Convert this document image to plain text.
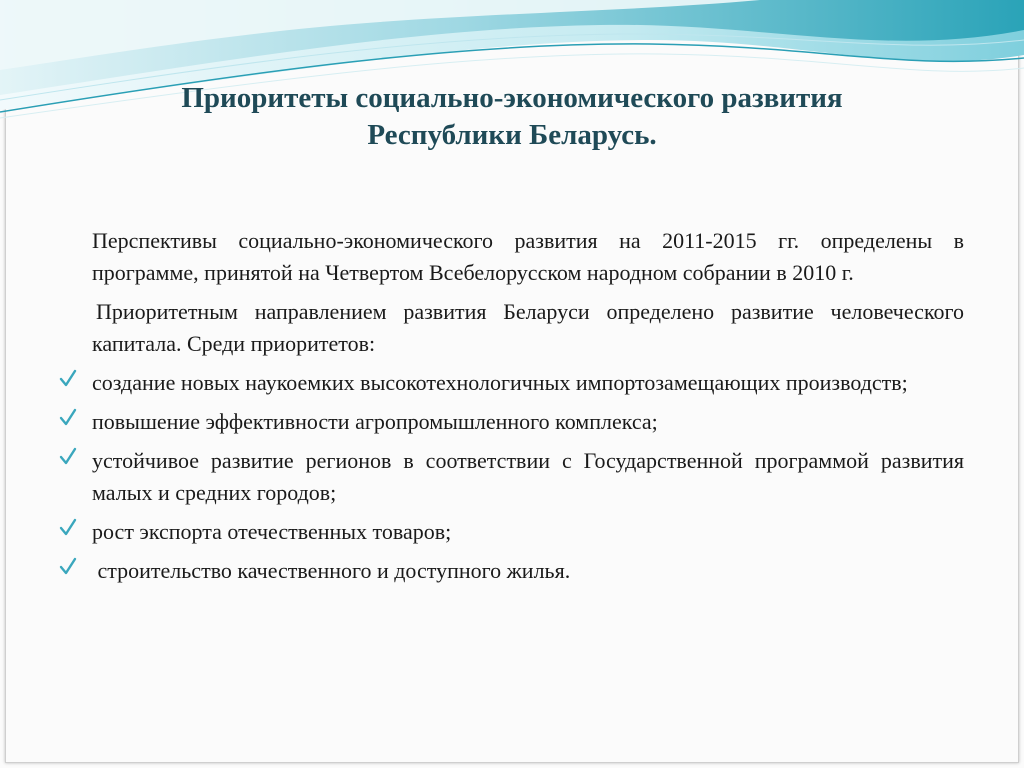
Приоритеты социально-экономического развития
Республики Беларусь.

Перспективы социально-экономического развития на 2011-2015 гг. определены в программе, принятой на Четвертом Всебелорусском народном собрании в 2010 г.

Приоритетным направлением развития Беларуси определено развитие человеческого капитала. Среди приоритетов:

создание новых наукоемких высокотехнологичных импортозамещающих производств;
повышение эффективности агропромышленного комплекса;
устойчивое развитие регионов в соответствии с Государственной программой развития малых и средних городов;
рост экспорта отечественных товаров;
строительство качественного и доступного жилья.
